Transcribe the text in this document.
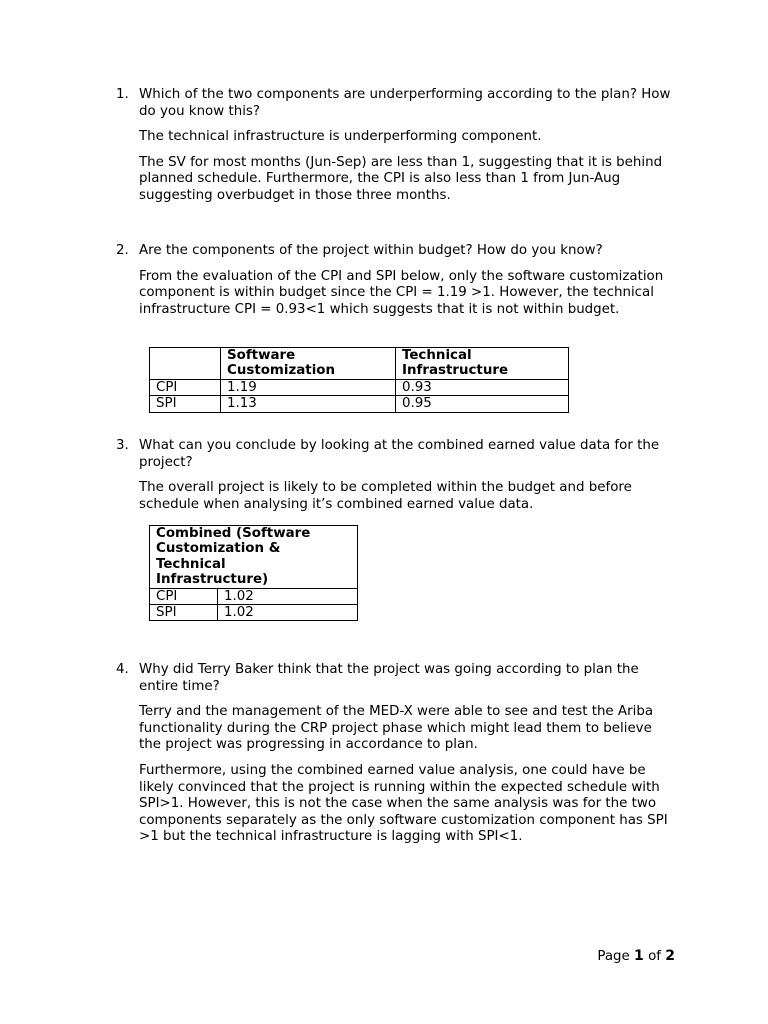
1. Which of the two components are underperforming according to the plan? How do you know this?
The technical infrastructure is underperforming component.
The SV for most months (Jun-Sep) are less than 1, suggesting that it is behind planned schedule. Furthermore, the CPI is also less than 1 from Jun-Aug suggesting overbudget in those three months.
2. Are the components of the project within budget? How do you know?
From the evaluation of the CPI and SPI below, only the software customization component is within budget since the CPI = 1.19 >1. However, the technical infrastructure CPI = 0.93<1 which suggests that it is not within budget.
	Software Customization	Technical Infrastructure
CPI	1.19	0.93
SPI	1.13	0.95
3. What can you conclude by looking at the combined earned value data for the project?
The overall project is likely to be completed within the budget and before schedule when analysing it’s combined earned value data.
Combined (Software Customization & Technical Infrastructure)	
CPI	1.02
SPI	1.02
4. Why did Terry Baker think that the project was going according to plan the entire time?
Terry and the management of the MED-X were able to see and test the Ariba functionality during the CRP project phase which might lead them to believe the project was progressing in accordance to plan.
Furthermore, using the combined earned value analysis, one could have be likely convinced that the project is running within the expected schedule with SPI>1. However, this is not the case when the same analysis was for the two components separately as the only software customization component has SPI >1 but the technical infrastructure is lagging with SPI<1.
Page 1 of 2
